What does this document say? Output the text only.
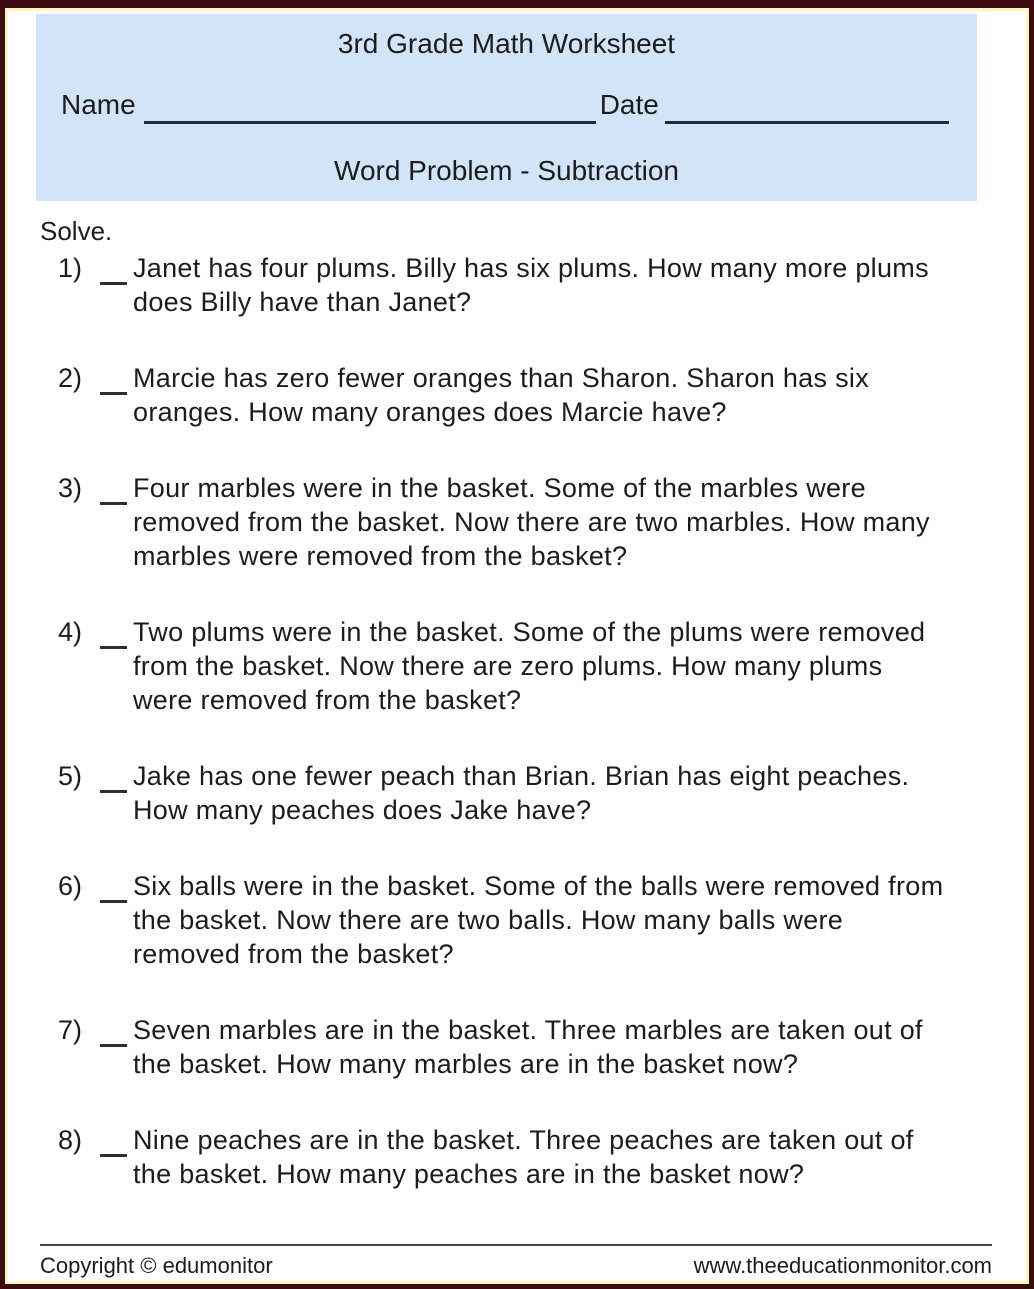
3rd Grade Math Worksheet
Name	Date
Word Problem - Subtraction
Solve.
1)	Janet has four plums. Billy has six plums. How many more plums does Billy have than Janet?
2)	Marcie has zero fewer oranges than Sharon. Sharon has six oranges. How many oranges does Marcie have?
3)	Four marbles were in the basket. Some of the marbles were removed from the basket. Now there are two marbles. How many marbles were removed from the basket?
4)	Two plums were in the basket. Some of the plums were removed from the basket. Now there are zero plums. How many plums were removed from the basket?
5)	Jake has one fewer peach than Brian. Brian has eight peaches. How many peaches does Jake have?
6)	Six balls were in the basket. Some of the balls were removed from the basket. Now there are two balls. How many balls were removed from the basket?
7)	Seven marbles are in the basket. Three marbles are taken out of the basket. How many marbles are in the basket now?
8)	Nine peaches are in the basket. Three peaches are taken out of the basket. How many peaches are in the basket now?
Copyright © edumonitor	www.theeducationmonitor.com
